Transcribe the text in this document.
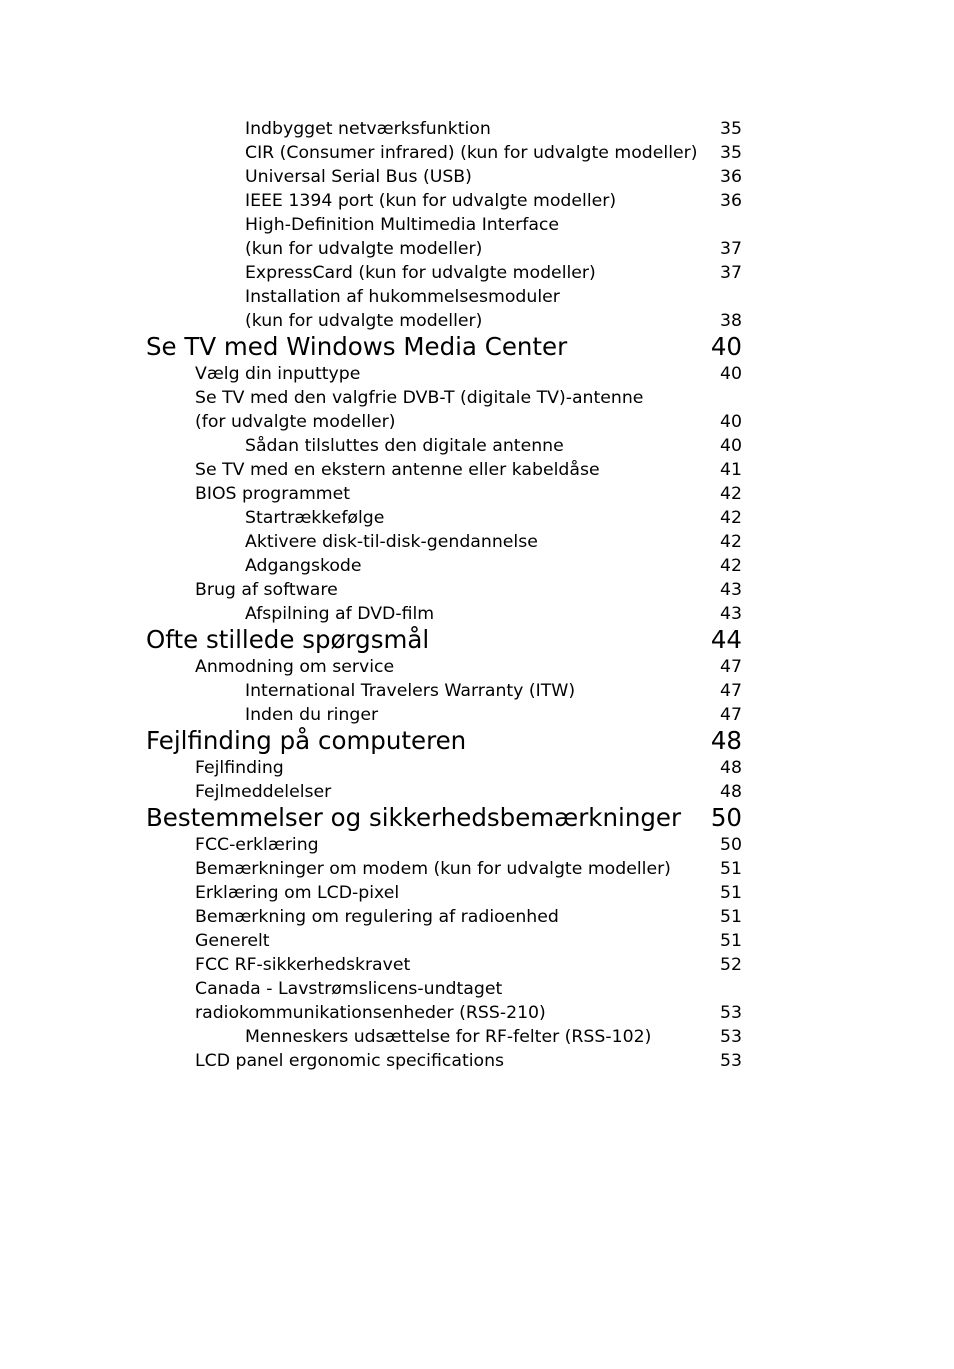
Indbygget netværksfunktion	35
CIR (Consumer infrared) (kun for udvalgte modeller)	35
Universal Serial Bus (USB)	36
IEEE 1394 port (kun for udvalgte modeller)	36
High-Definition Multimedia Interface
(kun for udvalgte modeller)	37
ExpressCard (kun for udvalgte modeller)	37
Installation af hukommelsesmoduler
(kun for udvalgte modeller)	38
Se TV med Windows Media Center	40
Vælg din inputtype	40
Se TV med den valgfrie DVB-T (digitale TV)-antenne
(for udvalgte modeller)	40
Sådan tilsluttes den digitale antenne	40
Se TV med en ekstern antenne eller kabeldåse	41
BIOS programmet	42
Startrækkefølge	42
Aktivere disk-til-disk-gendannelse	42
Adgangskode	42
Brug af software	43
Afspilning af DVD-film	43
Ofte stillede spørgsmål	44
Anmodning om service	47
International Travelers Warranty (ITW)	47
Inden du ringer	47
Fejlfinding på computeren	48
Fejlfinding	48
Fejlmeddelelser	48
Bestemmelser og sikkerhedsbemærkninger	50
FCC-erklæring	50
Bemærkninger om modem (kun for udvalgte modeller)	51
Erklæring om LCD-pixel	51
Bemærkning om regulering af radioenhed	51
Generelt	51
FCC RF-sikkerhedskravet	52
Canada - Lavstrømslicens-undtaget
radiokommunikationsenheder (RSS-210)	53
Menneskers udsættelse for RF-felter (RSS-102)	53
LCD panel ergonomic specifications	53
